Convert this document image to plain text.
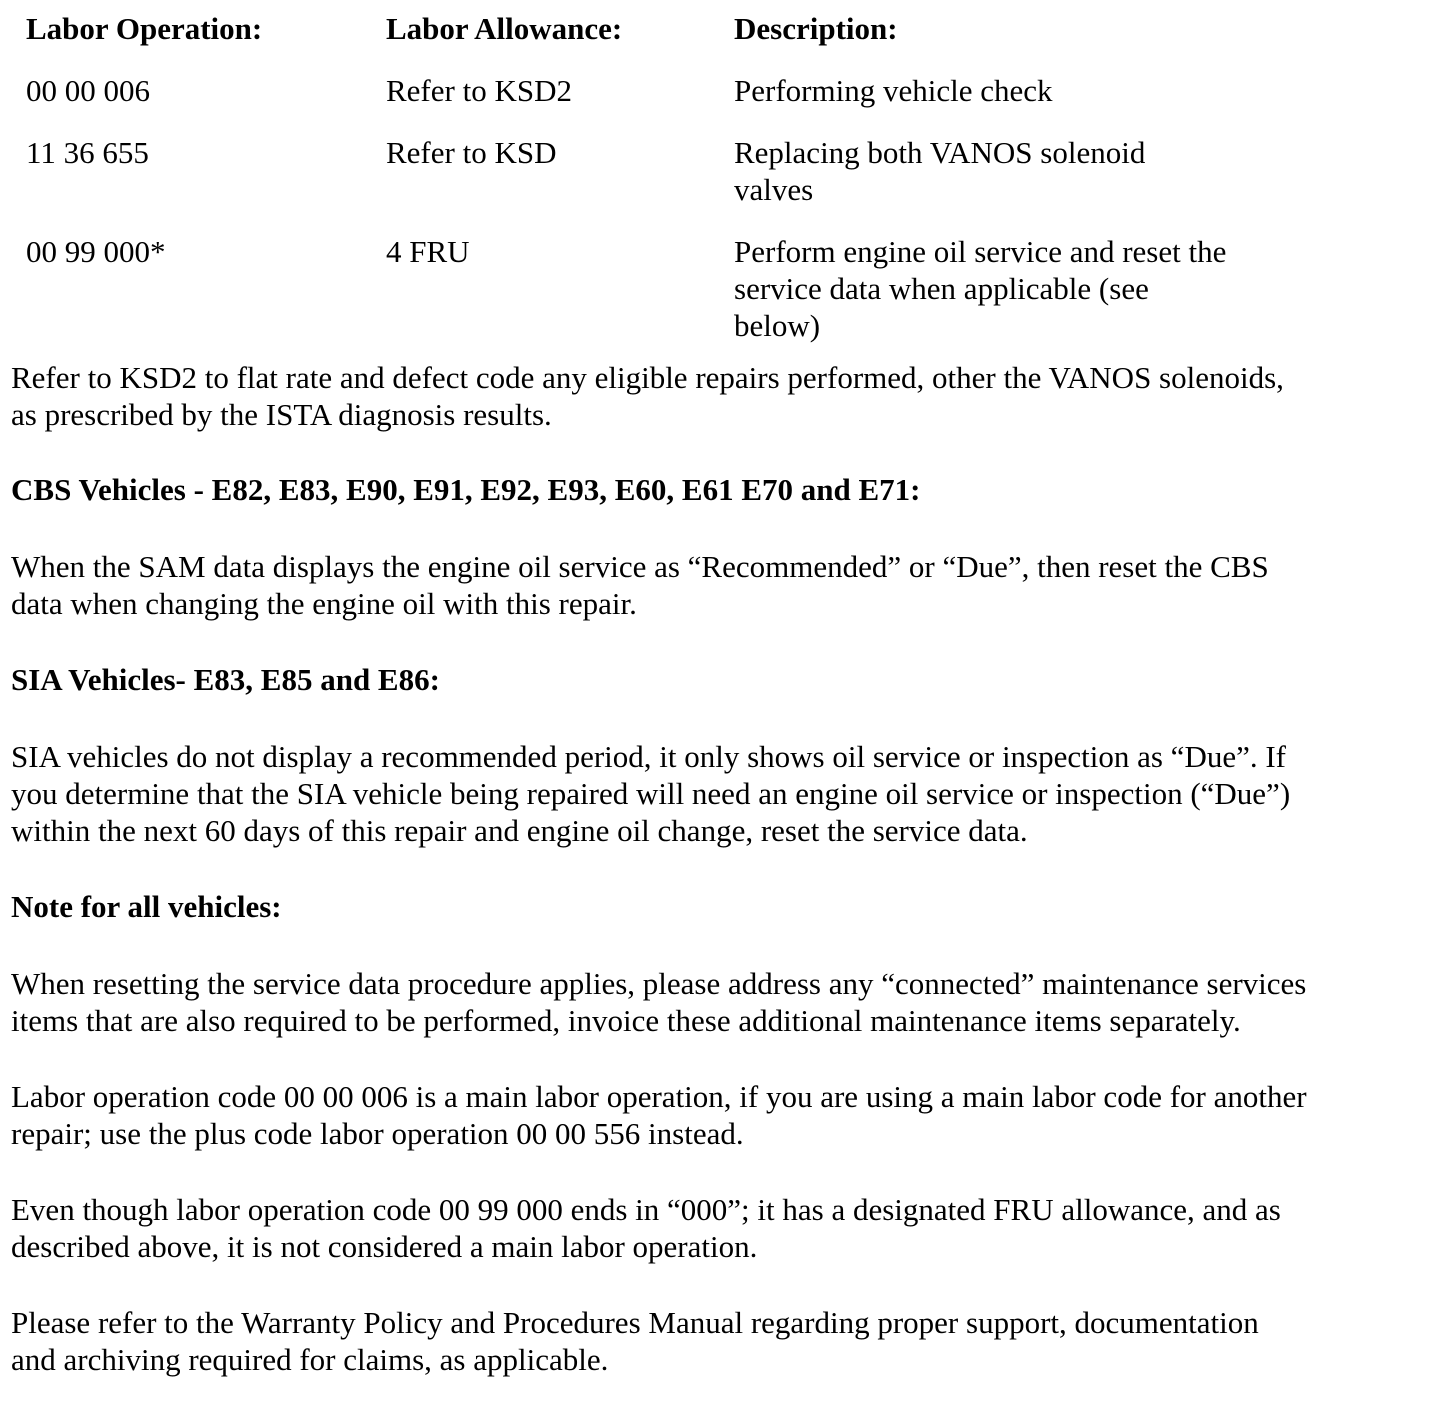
Labor Operation:	Labor Allowance:	Description:
00 00 006	Refer to KSD2	Performing vehicle check
11 36 655	Refer to KSD	Replacing both VANOS solenoid
valves
00 99 000*	4 FRU	Perform engine oil service and reset the
service data when applicable (see
below)

Refer to KSD2 to flat rate and defect code any eligible repairs performed, other the VANOS solenoids,
as prescribed by the ISTA diagnosis results.

CBS Vehicles - E82, E83, E90, E91, E92, E93, E60, E61 E70 and E71:

When the SAM data displays the engine oil service as “Recommended” or “Due”, then reset the CBS
data when changing the engine oil with this repair.

SIA Vehicles- E83, E85 and E86:

SIA vehicles do not display a recommended period, it only shows oil service or inspection as “Due”. If
you determine that the SIA vehicle being repaired will need an engine oil service or inspection (“Due”)
within the next 60 days of this repair and engine oil change, reset the service data.

Note for all vehicles:

When resetting the service data procedure applies, please address any “connected” maintenance services
items that are also required to be performed, invoice these additional maintenance items separately.

Labor operation code 00 00 006 is a main labor operation, if you are using a main labor code for another
repair; use the plus code labor operation 00 00 556 instead.

Even though labor operation code 00 99 000 ends in “000”; it has a designated FRU allowance, and as
described above, it is not considered a main labor operation.

Please refer to the Warranty Policy and Procedures Manual regarding proper support, documentation
and archiving required for claims, as applicable.
